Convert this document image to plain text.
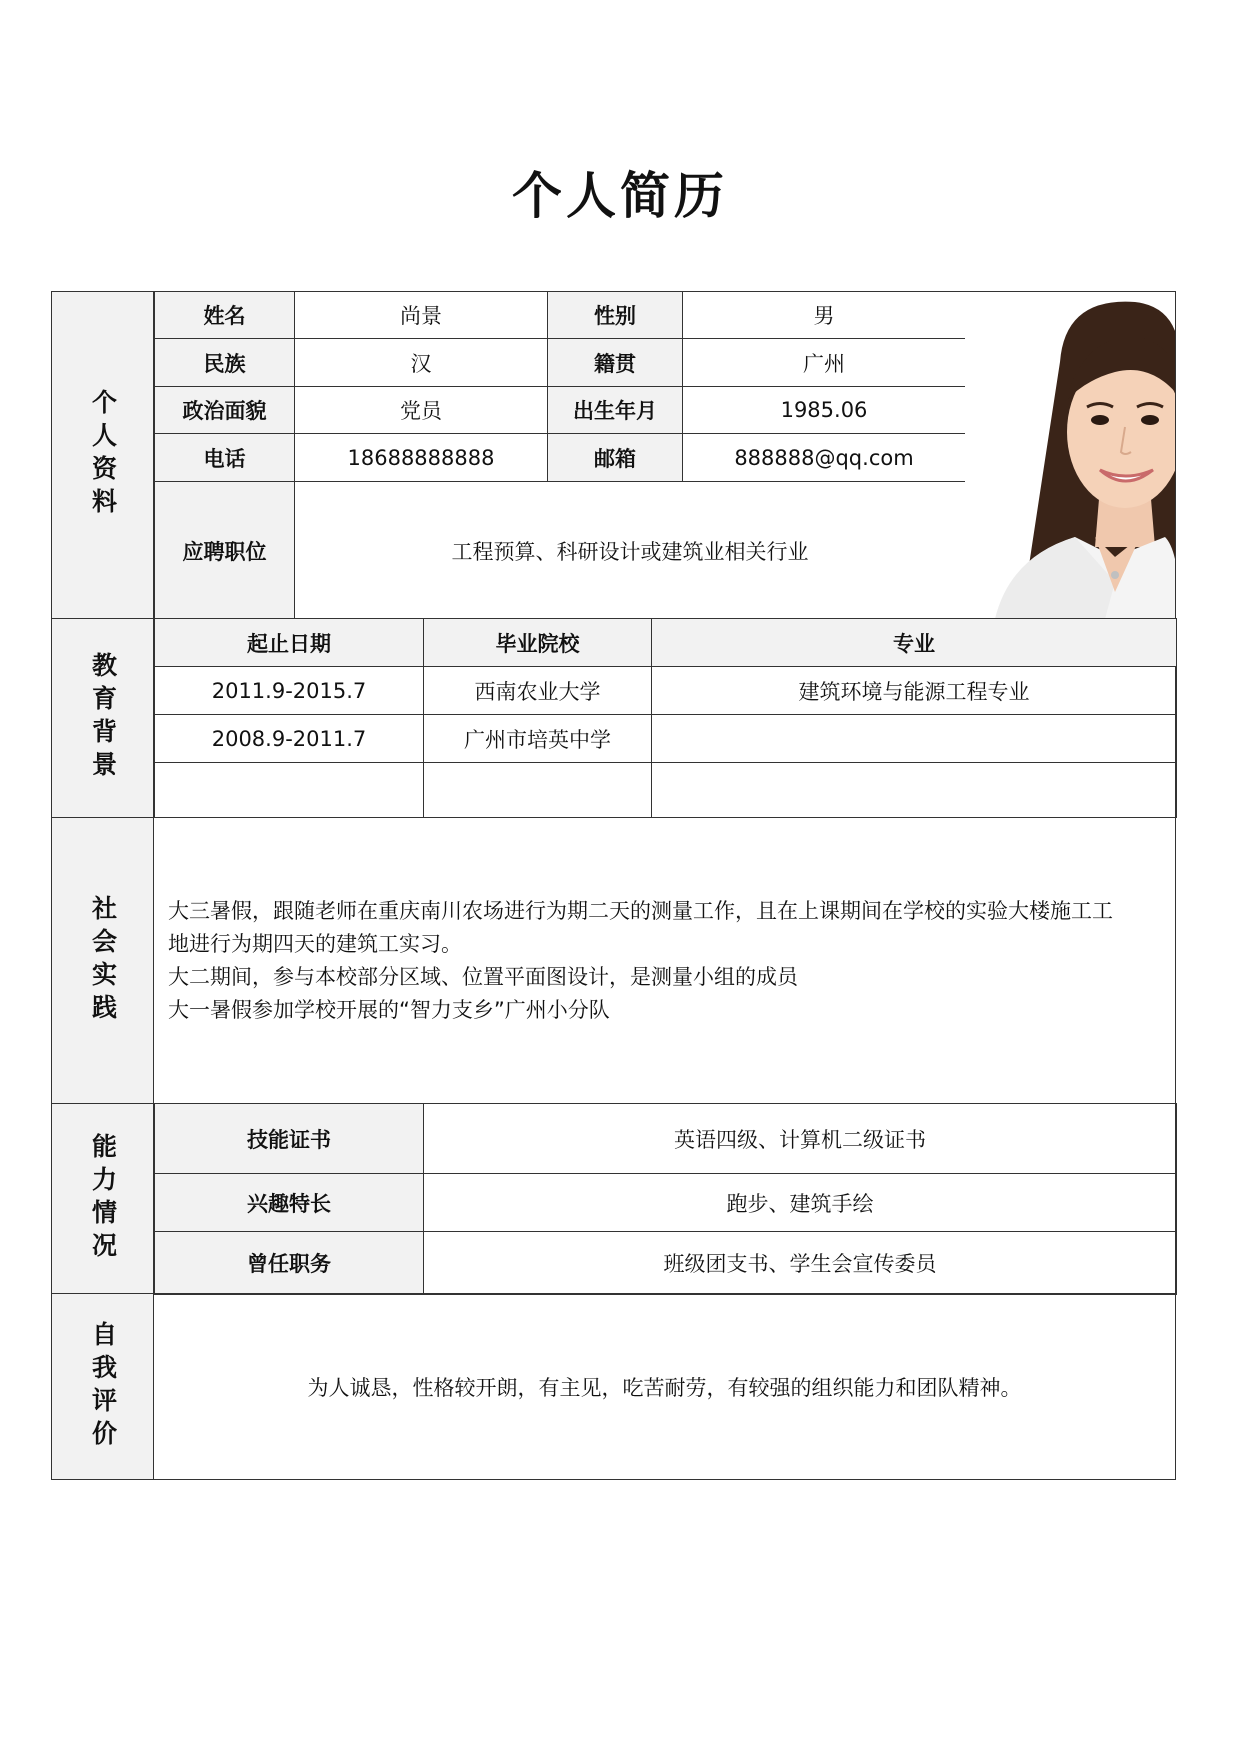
个人简历
个人资料
姓名	尚景	性别	男
民族	汉	籍贯	广州
政治面貌	党员	出生年月	1985.06
电话	18688888888	邮箱	888888@qq.com
应聘职位	工程预算、科研设计或建筑业相关行业		
教育背景
起止日期	毕业院校	专业
2011.9-2015.7	西南农业大学	建筑环境与能源工程专业
2008.9-2011.7	广州市培英中学	

社会实践 大三暑假，跟随老师在重庆南川农场进行为期二天的测量工作，且在上课期间在学校的实验大楼施工工
地进行为期四天的建筑工实习。
大二期间，参与本校部分区域、位置平面图设计，是测量小组的成员
大一暑假参加学校开展的“智力支乡”广州小分队
能力情况	技能证书	英语四级、计算机二级证书
兴趣特长	跑步、建筑手绘
曾任职务	班级团支书、学生会宣传委员
自我评价	为人诚恳，性格较开朗，有主见，吃苦耐劳，有较强的组织能力和团队精神。
